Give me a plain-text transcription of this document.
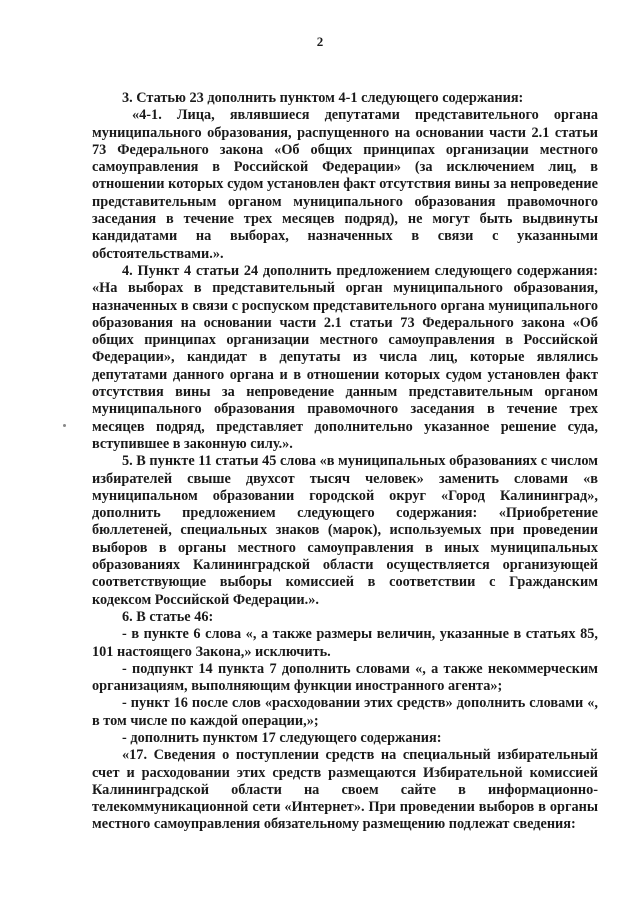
2

3. Статью 23 дополнить пунктом 4-1 следующего содержания:

«4-1. Лица, являвшиеся депутатами представительного органа муниципального образования, распущенного на основании части 2.1 статьи 73 Федерального закона «Об общих принципах организации местного самоуправления в Российской Федерации» (за исключением лиц, в отношении которых судом установлен факт отсутствия вины за непроведение представительным органом муниципального образования правомочного заседания в течение трех месяцев подряд), не могут быть выдвинуты кандидатами на выборах, назначенных в связи с указанными обстоятельствами.».

4. Пункт 4 статьи 24 дополнить предложением следующего содержания: «На выборах в представительный орган муниципального образования, назначенных в связи с роспуском представительного органа муниципального образования на основании части 2.1 статьи 73 Федерального закона «Об общих принципах организации местного самоуправления в Российской Федерации», кандидат в депутаты из числа лиц, которые являлись депутатами данного органа и в отношении которых судом установлен факт отсутствия вины за непроведение данным представительным органом муниципального образования правомочного заседания в течение трех месяцев подряд, представляет дополнительно указанное решение суда, вступившее в законную силу.».

5. В пункте 11 статьи 45 слова «в муниципальных образованиях с числом избирателей свыше двухсот тысяч человек» заменить словами «в муниципальном образовании городской округ «Город Калининград», дополнить предложением следующего содержания: «Приобретение бюллетеней, специальных знаков (марок), используемых при проведении выборов в органы местного самоуправления в иных муниципальных образованиях Калининградской области осуществляется организующей соответствующие выборы комиссией в соответствии с Гражданским кодексом Российской Федерации.».

6. В статье 46:

- в пункте 6 слова «, а также размеры величин, указанные в статьях 85, 101 настоящего Закона,» исключить.

- подпункт 14 пункта 7 дополнить словами «, а также некоммерческим организациям, выполняющим функции иностранного агента»;

- пункт 16 после слов «расходовании этих средств» дополнить словами «, в том числе по каждой операции,»;

- дополнить пунктом 17 следующего содержания:

«17. Сведения о поступлении средств на специальный избирательный счет и расходовании этих средств размещаются Избирательной комиссией Калининградской области на своем сайте в информационно-телекоммуникационной сети «Интернет». При проведении выборов в органы местного самоуправления обязательному размещению подлежат сведения:
